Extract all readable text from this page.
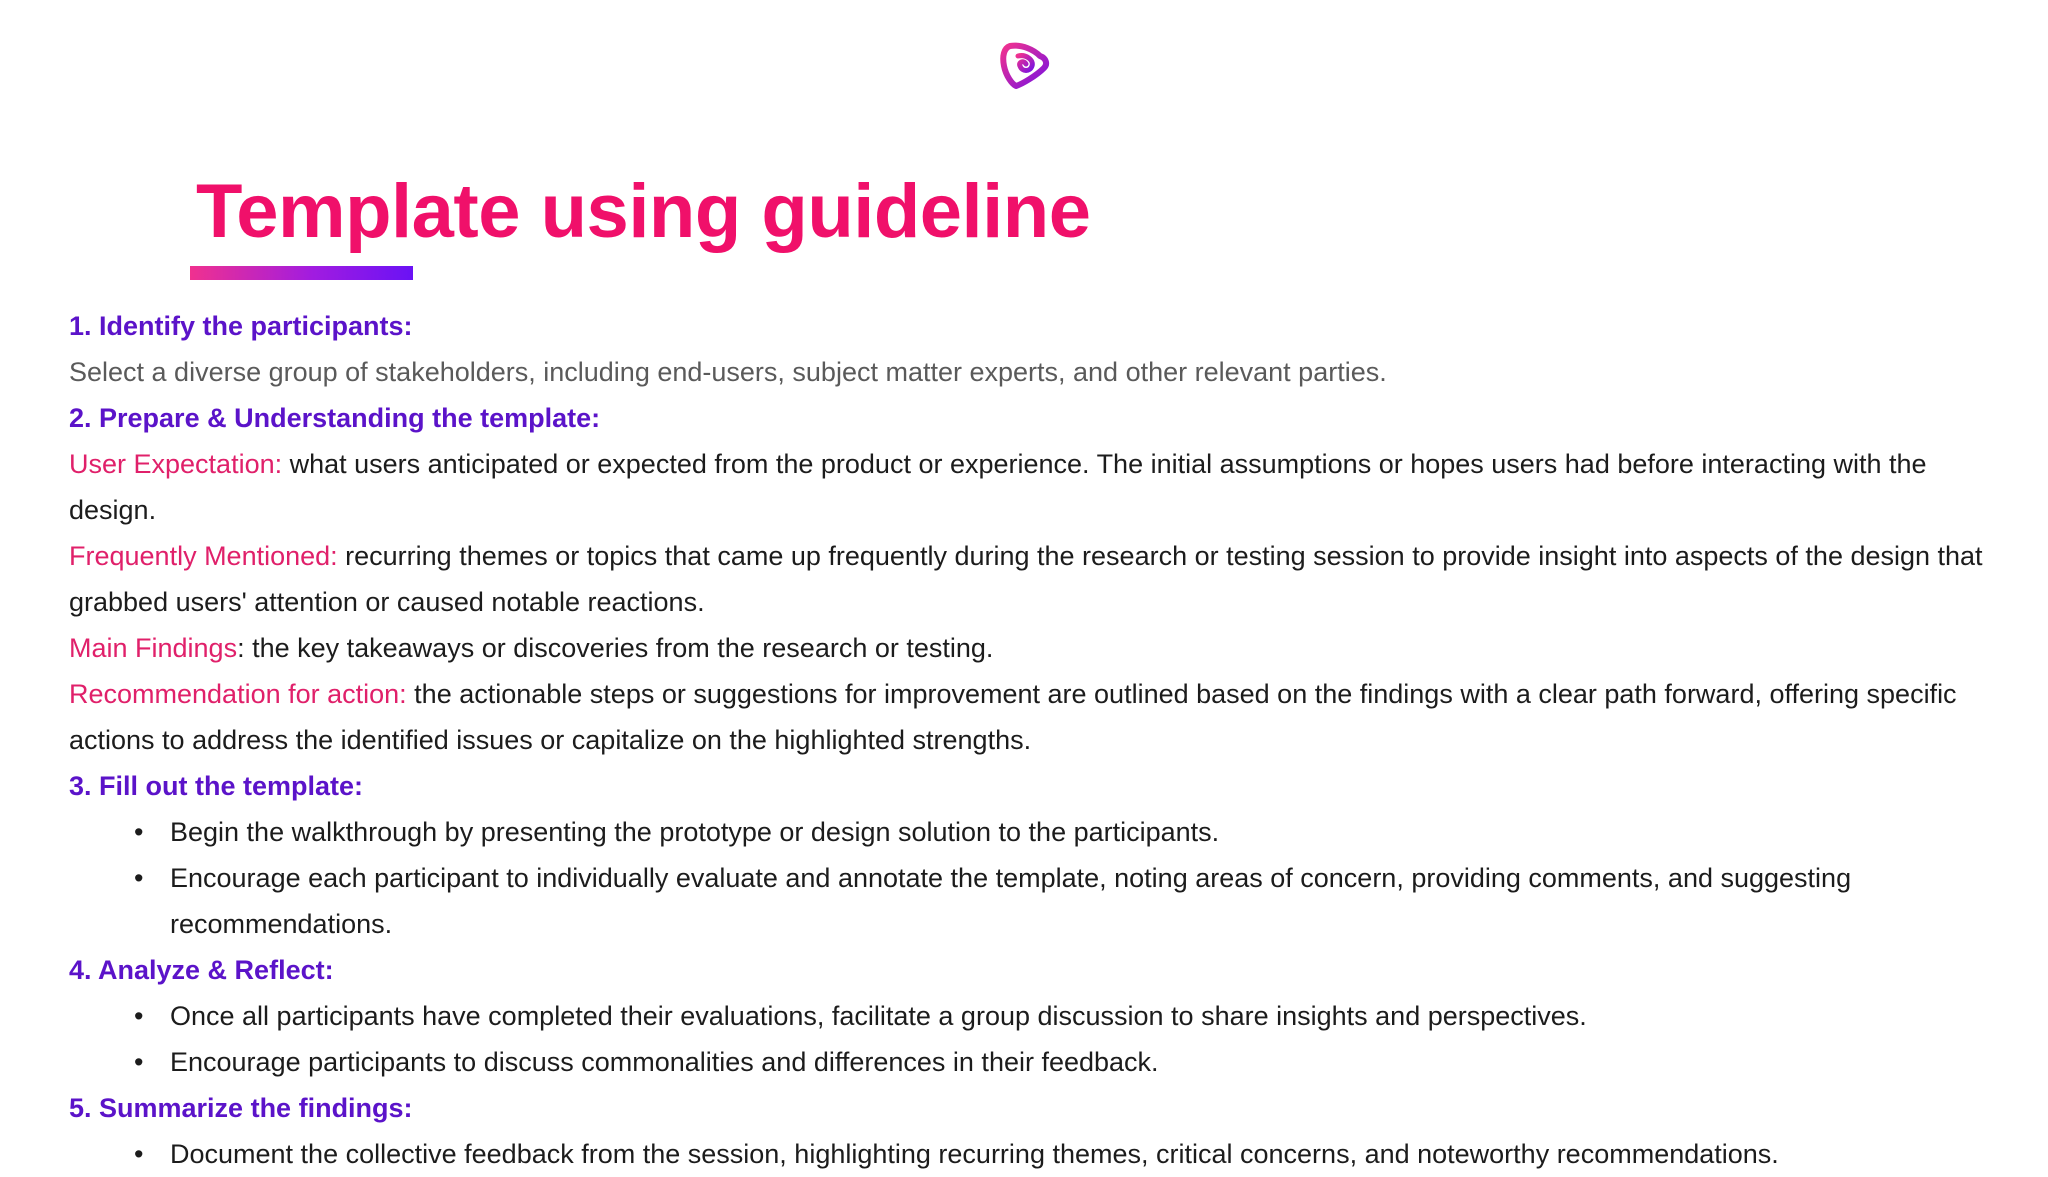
Template using guideline

1. Identify the participants:

Select a diverse group of stakeholders, including end-users, subject matter experts, and other relevant parties.

2. Prepare & Understanding the template:

User Expectation: what users anticipated or expected from the product or experience. The initial assumptions or hopes users had before interacting with the design.

Frequently Mentioned: recurring themes or topics that came up frequently during the research or testing session to provide insight into aspects of the design that grabbed users' attention or caused notable reactions.

Main Findings: the key takeaways or discoveries from the research or testing.

Recommendation for action: the actionable steps or suggestions for improvement are outlined based on the findings with a clear path forward, offering specific actions to address the identified issues or capitalize on the highlighted strengths.

3. Fill out the template:

• Begin the walkthrough by presenting the prototype or design solution to the participants.
• Encourage each participant to individually evaluate and annotate the template, noting areas of concern, providing comments, and suggesting recommendations.

4. Analyze & Reflect:

• Once all participants have completed their evaluations, facilitate a group discussion to share insights and perspectives.
• Encourage participants to discuss commonalities and differences in their feedback.

5. Summarize the findings:

• Document the collective feedback from the session, highlighting recurring themes, critical concerns, and noteworthy recommendations.
